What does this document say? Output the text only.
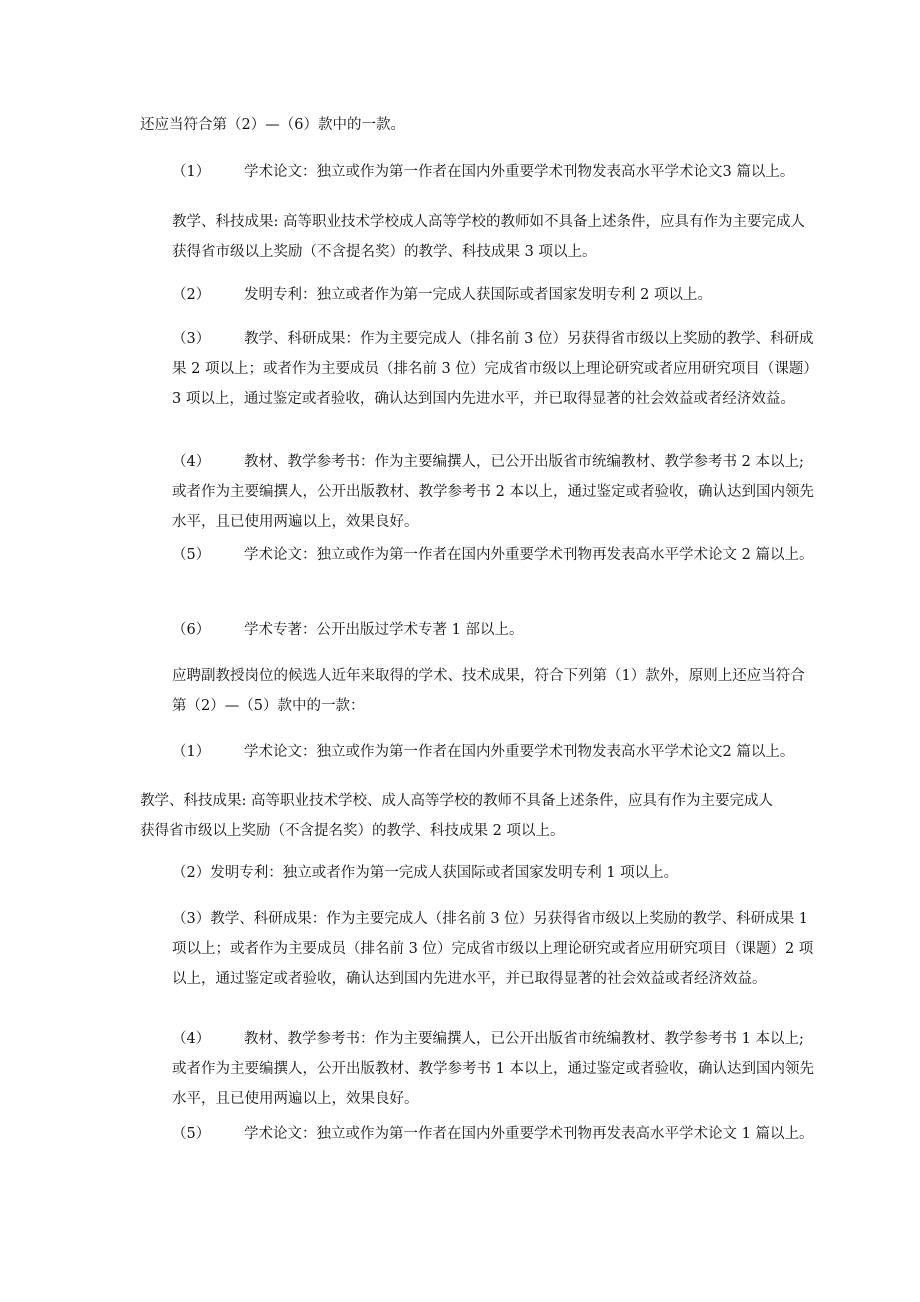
还应当符合第（2）—（6）款中的一款。

（1） 学术论文：独立或作为第一作者在国内外重要学术刊物发表高水平学术论文3 篇以上。

教学、科技成果: 高等职业技术学校成人高等学校的教师如不具备上述条件，应具有作为主要完成人获得省市级以上奖励（不含提名奖）的教学、科技成果 3 项以上。

（2） 发明专利：独立或者作为第一完成人获国际或者国家发明专利 2 项以上。

（3） 教学、科研成果：作为主要完成人（排名前 3 位）另获得省市级以上奖励的教学、科研成果 2 项以上；或者作为主要成员（排名前 3 位）完成省市级以上理论研究或者应用研究项目（课题）3 项以上，通过鉴定或者验收，确认达到国内先进水平，并已取得显著的社会效益或者经济效益。

（4） 教材、教学参考书：作为主要编撰人，已公开出版省市统编教材、教学参考书 2 本以上; 或者作为主要编撰人，公开出版教材、教学参考书 2 本以上，通过鉴定或者验收，确认达到国内领先水平，且已使用两遍以上，效果良好。

（5） 学术论文：独立或作为第一作者在国内外重要学术刊物再发表高水平学术论文 2 篇以上。

（6） 学术专著：公开出版过学术专著 1 部以上。

应聘副教授岗位的候选人近年来取得的学术、技术成果，符合下列第（1）款外，原则上还应当符合第（2）—（5）款中的一款：

（1） 学术论文：独立或作为第一作者在国内外重要学术刊物发表高水平学术论文2 篇以上。

教学、科技成果: 高等职业技术学校、成人高等学校的教师不具备上述条件，应具有作为主要完成人获得省市级以上奖励（不含提名奖）的教学、科技成果 2 项以上。

（2）发明专利：独立或者作为第一完成人获国际或者国家发明专利 1 项以上。

（3）教学、科研成果：作为主要完成人（排名前 3 位）另获得省市级以上奖励的教学、科研成果 1 项以上；或者作为主要成员（排名前 3 位）完成省市级以上理论研究或者应用研究项目（课题）2 项以上，通过鉴定或者验收，确认达到国内先进水平，并已取得显著的社会效益或者经济效益。

（4） 教材、教学参考书：作为主要编撰人，已公开出版省市统编教材、教学参考书 1 本以上; 或者作为主要编撰人，公开出版教材、教学参考书 1 本以上，通过鉴定或者验收，确认达到国内领先水平，且已使用两遍以上，效果良好。

（5） 学术论文：独立或作为第一作者在国内外重要学术刊物再发表高水平学术论文 1 篇以上。
